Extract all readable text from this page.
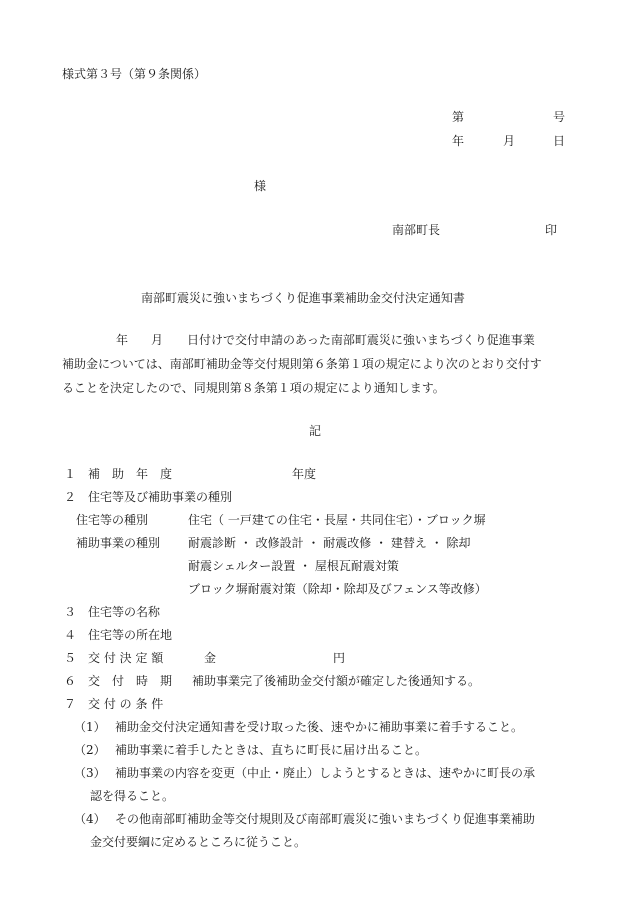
様式第３号（第９条関係）
第	号
年	月	日
様
南部町長	印
南部町震災に強いまちづくり促進事業補助金交付決定通知書
年 月 日付けで交付申請のあった南部町震災に強いまちづくり促進事業
補助金については、南部町補助金等交付規則第６条第１項の規定により次のとおり交付す
ることを決定したので、同規則第８条第１項の規定により通知します。
記
１ 補　助　年　度	年度
２ 住宅等及び補助事業の種別
住宅等の種別	住宅（ 一戸建ての住宅・長屋・共同住宅）・ブロック塀
補助事業の種別 耐震診断 ・ 改修設計 ・ 耐震改修 ・ 建替え ・ 除却
耐震シェルター設置 ・ 屋根瓦耐震対策
ブロック塀耐震対策（除却・除却及びフェンス等改修）
３ 住宅等の名称
４ 住宅等の所在地
５ 交 付 決 定 額	金	円
６ 交　付　時　期 補助事業完了後補助金交付額が確定した後通知する。
７ 交 付 の 条 件
（1） 補助金交付決定通知書を受け取った後、速やかに補助事業に着手すること。
（2） 補助事業に着手したときは、直ちに町長に届け出ること。
（3） 補助事業の内容を変更（中止・廃止）しようとするときは、速やかに町長の承
認を得ること。
（4） その他南部町補助金等交付規則及び南部町震災に強いまちづくり促進事業補助
金交付要綱に定めるところに従うこと。
